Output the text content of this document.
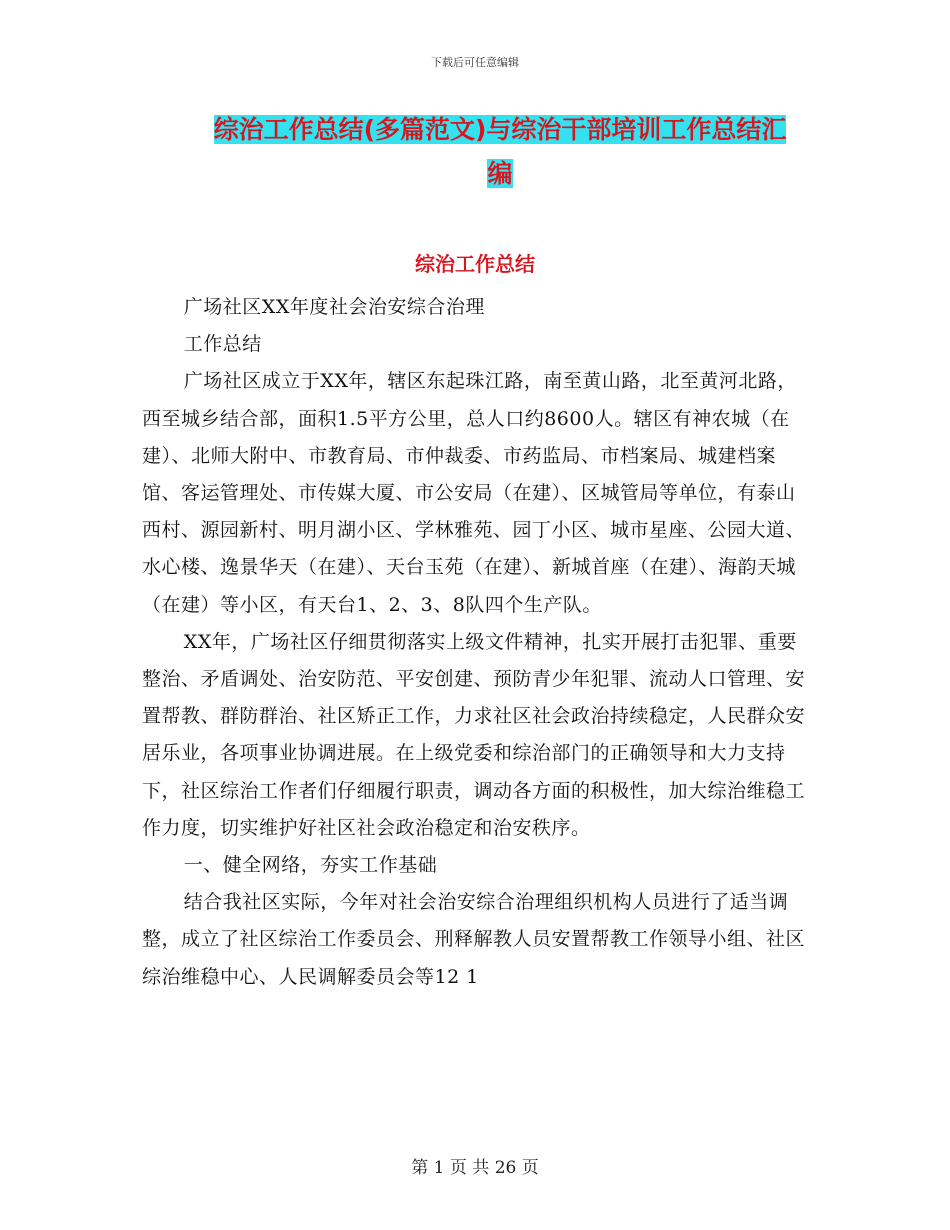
下载后可任意编辑
综治工作总结(多篇范文)与综治干部培训工作总结汇
编
综治工作总结

广场社区XX年度社会治安综合治理

工作总结

广场社区成立于XX年，辖区东起珠江路，南至黄山路，北至黄河北路，西至城乡结合部，面积1.5平方公里，总人口约8600人。辖区有神农城（在建）、北师大附中、市教育局、市仲裁委、市药监局、市档案局、城建档案馆、客运管理处、市传媒大厦、市公安局（在建）、区城管局等单位，有泰山西村、源园新村、明月湖小区、学林雅苑、园丁小区、城市星座、公园大道、水心楼、逸景华天（在建）、天台玉苑（在建）、新城首座（在建）、海韵天城（在建）等小区，有天台1、2、3、8队四个生产队。

XX年，广场社区仔细贯彻落实上级文件精神，扎实开展打击犯罪、重要整治、矛盾调处、治安防范、平安创建、预防青少年犯罪、流动人口管理、安置帮教、群防群治、社区矫正工作，力求社区社会政治持续稳定，人民群众安居乐业，各项事业协调进展。在上级党委和综治部门的正确领导和大力支持下，社区综治工作者们仔细履行职责，调动各方面的积极性，加大综治维稳工作力度，切实维护好社区社会政治稳定和治安秩序。

一、健全网络，夯实工作基础

结合我社区实际，今年对社会治安综合治理组织机构人员进行了适当调整，成立了社区综治工作委员会、刑释解教人员安置帮教工作领导小组、社区综治维稳中心、人民调解委员会等12 1

第 1 页 共 26 页
